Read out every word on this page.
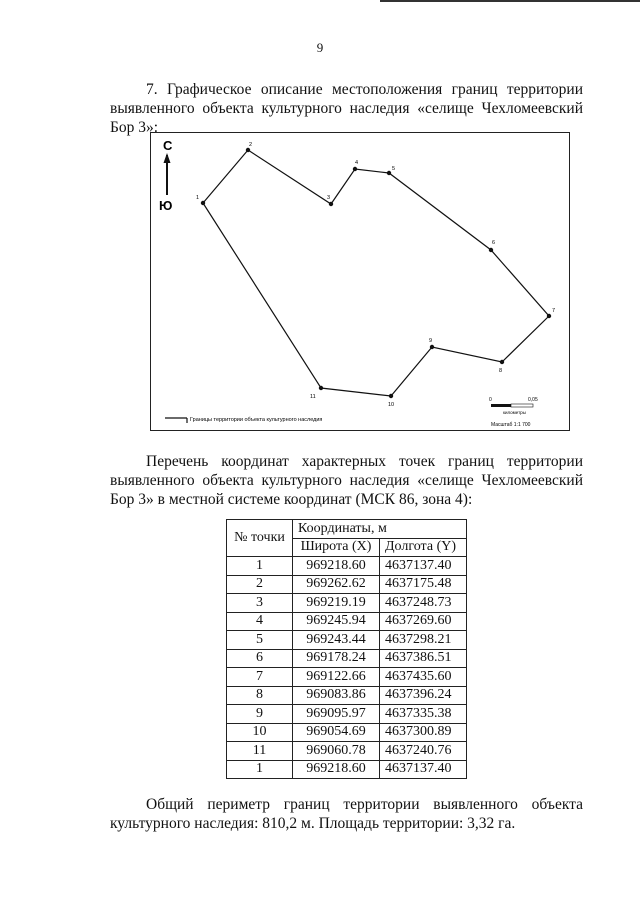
9
7. Графическое описание местоположения границ территории выявленного объекта культурного наследия «селище Чехломеевский Бор 3»:
С
Ю	1
2
3
4
5
6
7
8
9
10
11
Границы территории объекта культурного наследия
0	0,05
километры
Масштаб 1:1 700
Перечень координат характерных точек границ территории выявленного объекта культурного наследия «селище Чехломеевский Бор 3» в местной системе координат (МСК 86, зона 4):
№ точки	Координаты, м	
	Широта (X)	Долгота (Y)
1	969218.60	4637137.40
2	969262.62	4637175.48
3	969219.19	4637248.73
4	969245.94	4637269.60
5	969243.44	4637298.21
6	969178.24	4637386.51
7	969122.66	4637435.60
8	969083.86	4637396.24
9	969095.97	4637335.38
10	969054.69	4637300.89
11	969060.78	4637240.76
1	969218.60	4637137.40
Общий периметр границ территории выявленного объекта культурного наследия: 810,2 м. Площадь территории: 3,32 га.
